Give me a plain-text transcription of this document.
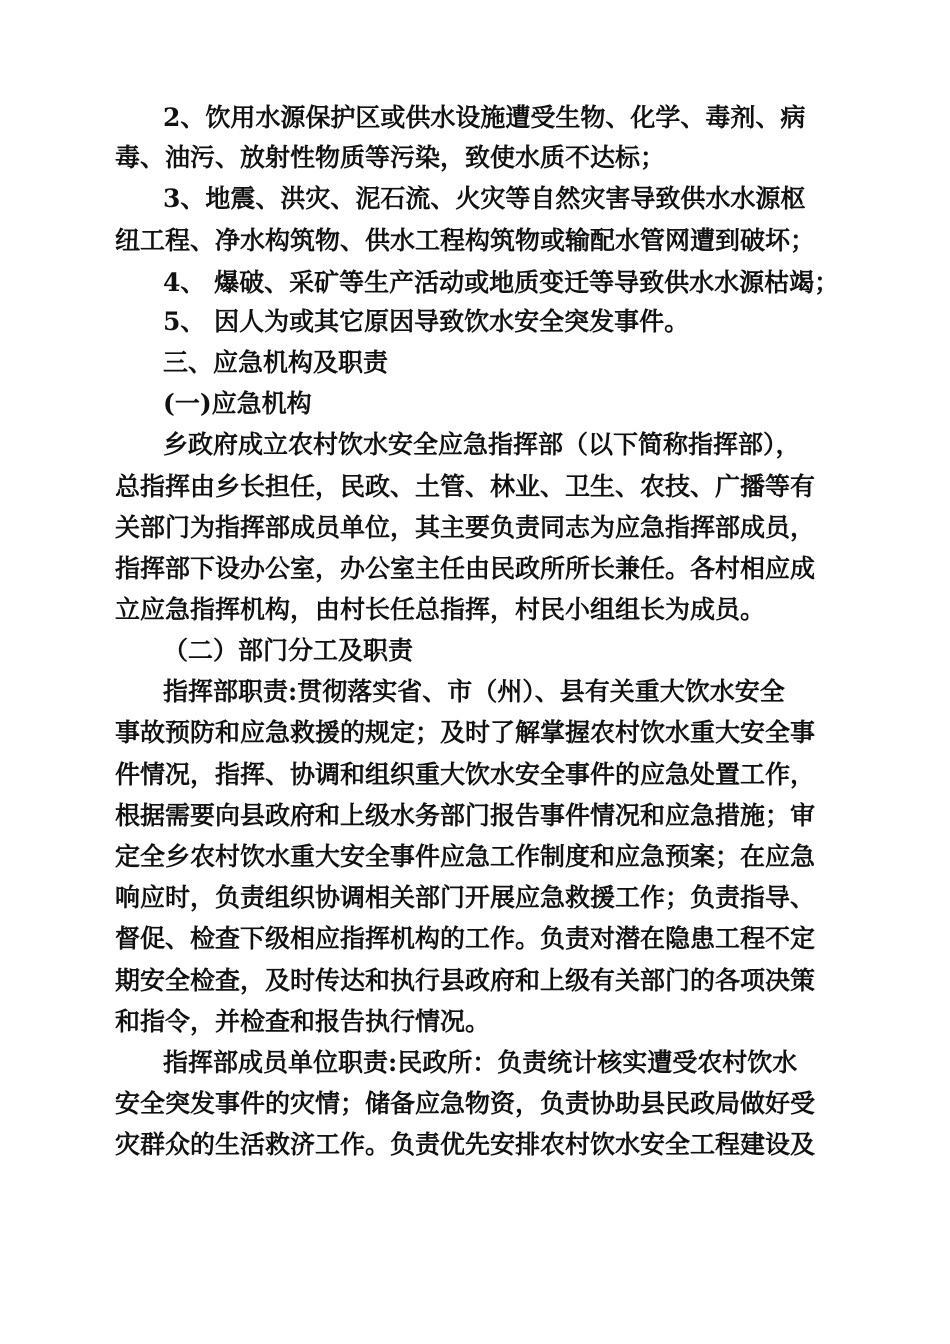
2、饮用水源保护区或供水设施遭受生物、化学、毒剂、病
毒、油污、放射性物质等污染，致使水质不达标；
3、地震、洪灾、泥石流、火灾等自然灾害导致供水水源枢
纽工程、净水构筑物、供水工程构筑物或输配水管网遭到破坏；
4、 爆破、采矿等生产活动或地质变迁等导致供水水源枯竭；
5、 因人为或其它原因导致饮水安全突发事件。
三、应急机构及职责
(一)应急机构
乡政府成立农村饮水安全应急指挥部（以下简称指挥部），
总指挥由乡长担任，民政、土管、林业、卫生、农技、广播等有
关部门为指挥部成员单位，其主要负责同志为应急指挥部成员，
指挥部下设办公室，办公室主任由民政所所长兼任。各村相应成
立应急指挥机构，由村长任总指挥，村民小组组长为成员。
（二）部门分工及职责
指挥部职责:贯彻落实省、市（州）、县有关重大饮水安全
事故预防和应急救援的规定；及时了解掌握农村饮水重大安全事
件情况，指挥、协调和组织重大饮水安全事件的应急处置工作，
根据需要向县政府和上级水务部门报告事件情况和应急措施；审
定全乡农村饮水重大安全事件应急工作制度和应急预案；在应急
响应时，负责组织协调相关部门开展应急救援工作；负责指导、
督促、检查下级相应指挥机构的工作。负责对潜在隐患工程不定
期安全检查，及时传达和执行县政府和上级有关部门的各项决策
和指令，并检查和报告执行情况。
指挥部成员单位职责:民政所：负责统计核实遭受农村饮水
安全突发事件的灾情；储备应急物资，负责协助县民政局做好受
灾群众的生活救济工作。负责优先安排农村饮水安全工程建设及
